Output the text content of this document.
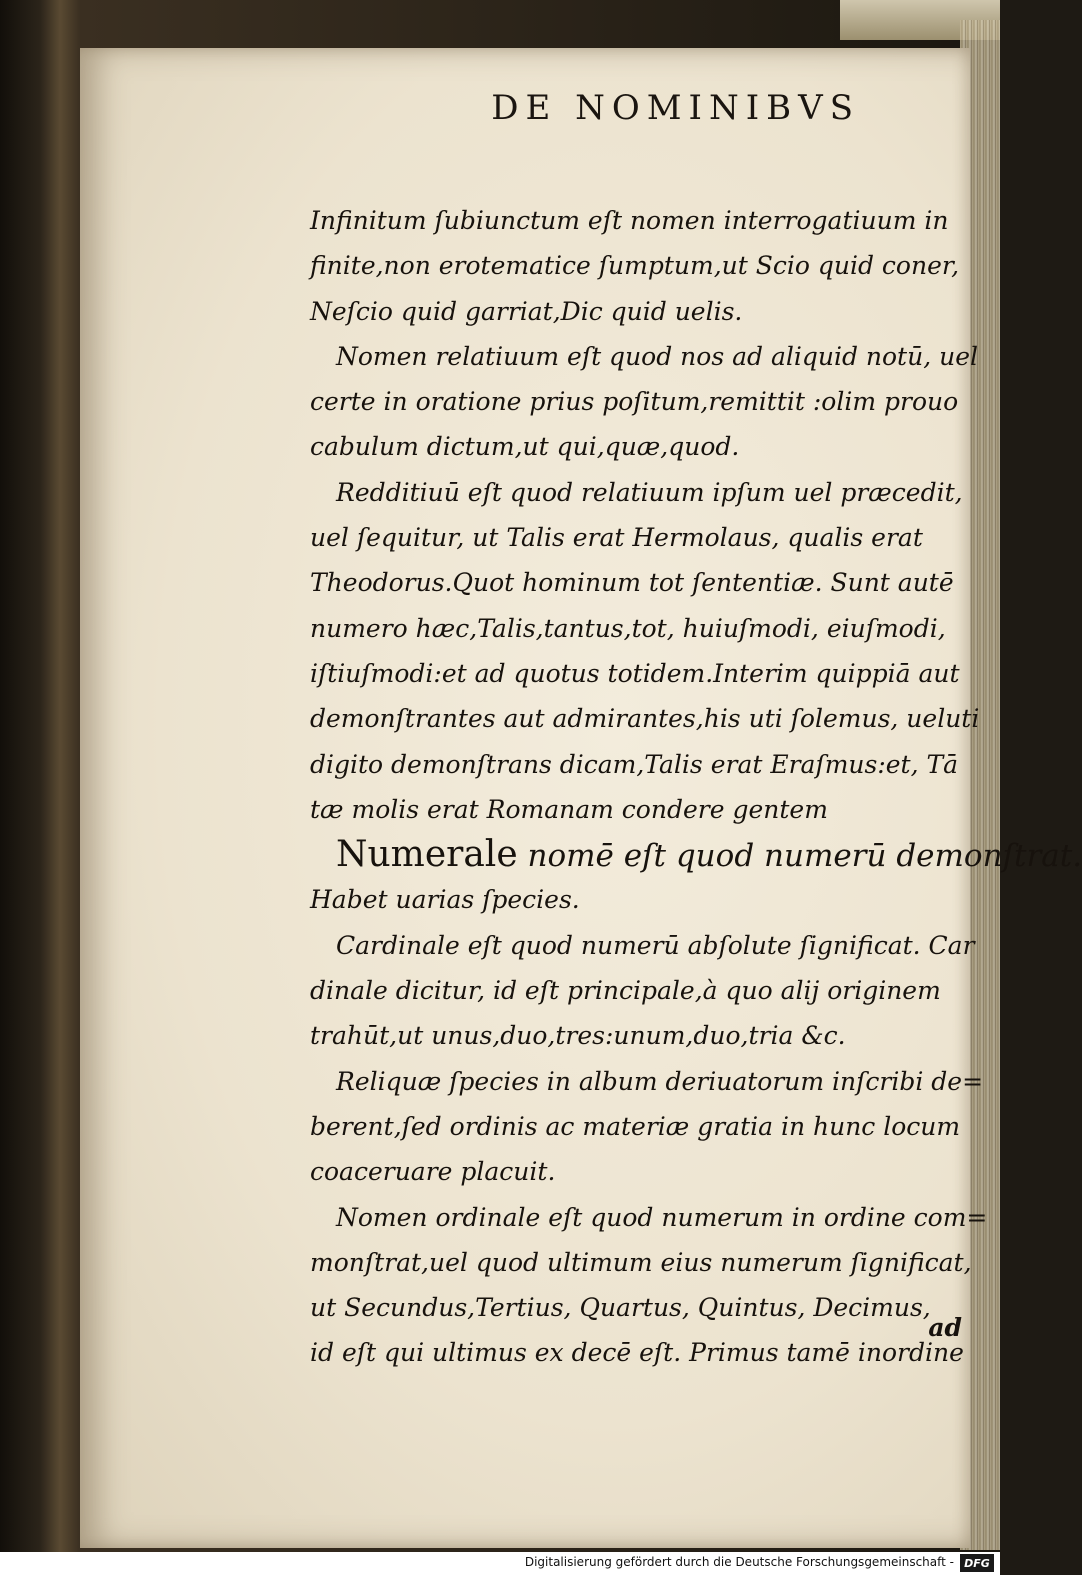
DE NOMINIBVS
Infinitum ſubiunctum eſt nomen interrogatiuum in
finite,non erotematice ſumptum,ut Scio quid coner,
Neſcio quid garriat,Dic quid uelis.
Nomen relatiuum eſt quod nos ad aliquid notū, uel
certe in oratione prius poſitum,remittit :olim prouo
cabulum dictum,ut qui,quæ,quod.
Redditiuū eſt quod relatiuum ipſum uel præcedit,
uel ſequitur, ut Talis erat Hermolaus, qualis erat
Theodorus.Quot hominum tot ſententiæ. Sunt autē
numero hæc,Talis,tantus,tot, huiuſmodi, eiuſmodi,
iſtiuſmodi:et ad quotus totidem.Interim quippiā aut
demonſtrantes aut admirantes,his uti ſolemus, ueluti
digito demonſtrans dicam,Talis erat Eraſmus:et, Tā
tæ molis erat Romanam condere gentem
Numerale nomē eſt quod numerū demonſtrat.
Habet uarias ſpecies.
Cardinale eſt quod numerū abſolute ſignificat. Car
dinale dicitur, id eſt principale,à quo alij originem
trahūt,ut unus,duo,tres:unum,duo,tria &c.
Reliquæ ſpecies in album deriuatorum inſcribi de=
berent,ſed ordinis ac materiæ gratia in hunc locum
coaceruare placuit.
Nomen ordinale eſt quod numerum in ordine com=
monſtrat,uel quod ultimum eius numerum ſignificat,
ut Secundus,Tertius, Quartus, Quintus, Decimus,
id eſt qui ultimus ex decē eſt. Primus tamē inordine
ad
Digitalisierung gefördert durch die Deutsche Forschungsgemeinschaft - DFG
